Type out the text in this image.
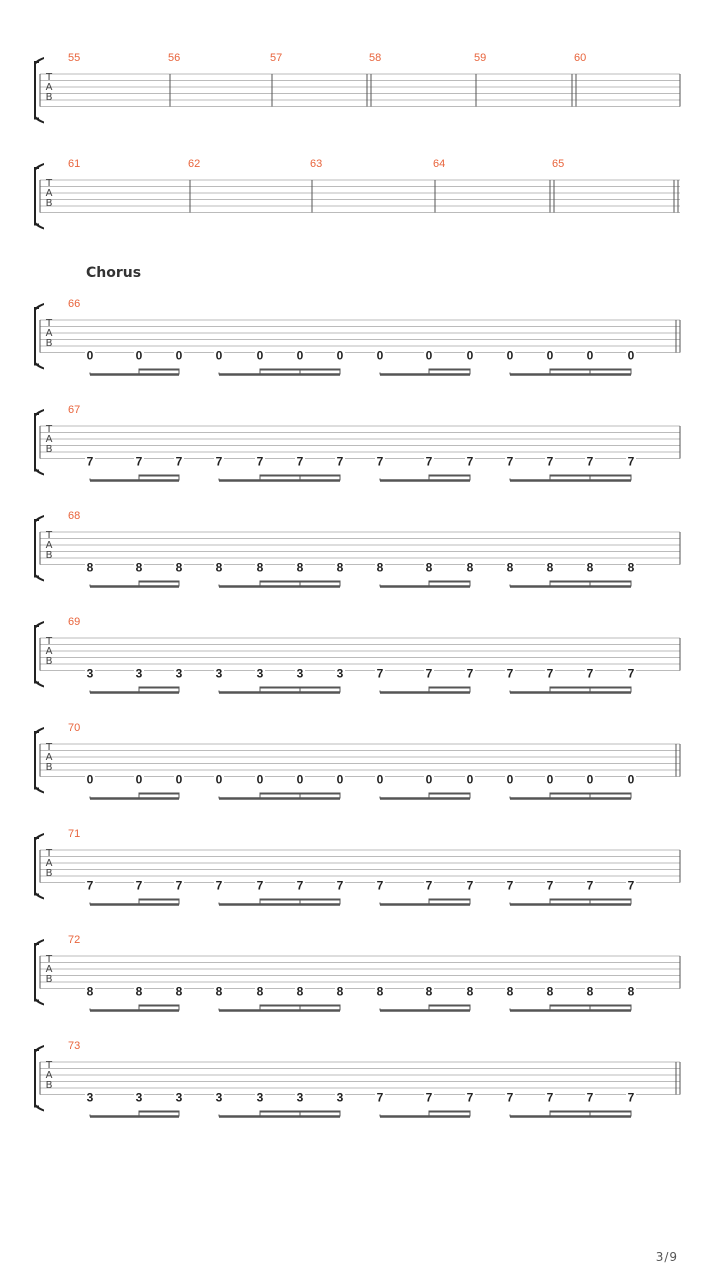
T
A
B
55	56	57	58	59	60
T
A
B
61	62	63	64	65
T
A
B
66
0	0	0	0	0	0	0	0	0	0	0	0	0	0
T
A
B
67
7	7	7	7	7	7	7	7	7	7	7	7	7	7
T
A
B
68
8	8	8	8	8	8	8	8	8	8	8	8	8	8
T
A
B
69
3	3	3	3	3	3	3	7	7	7	7	7	7	7
T
A
B
70
0	0	0	0	0	0	0	0	0	0	0	0	0	0
T
A
B
71
7	7	7	7	7	7	7	7	7	7	7	7	7	7
T
A
B
72
8	8	8	8	8	8	8	8	8	8	8	8	8	8
T
A
B
73
3	3	3	3	3	3	3	7	7	7	7	7	7	7
Chorus
3/9
